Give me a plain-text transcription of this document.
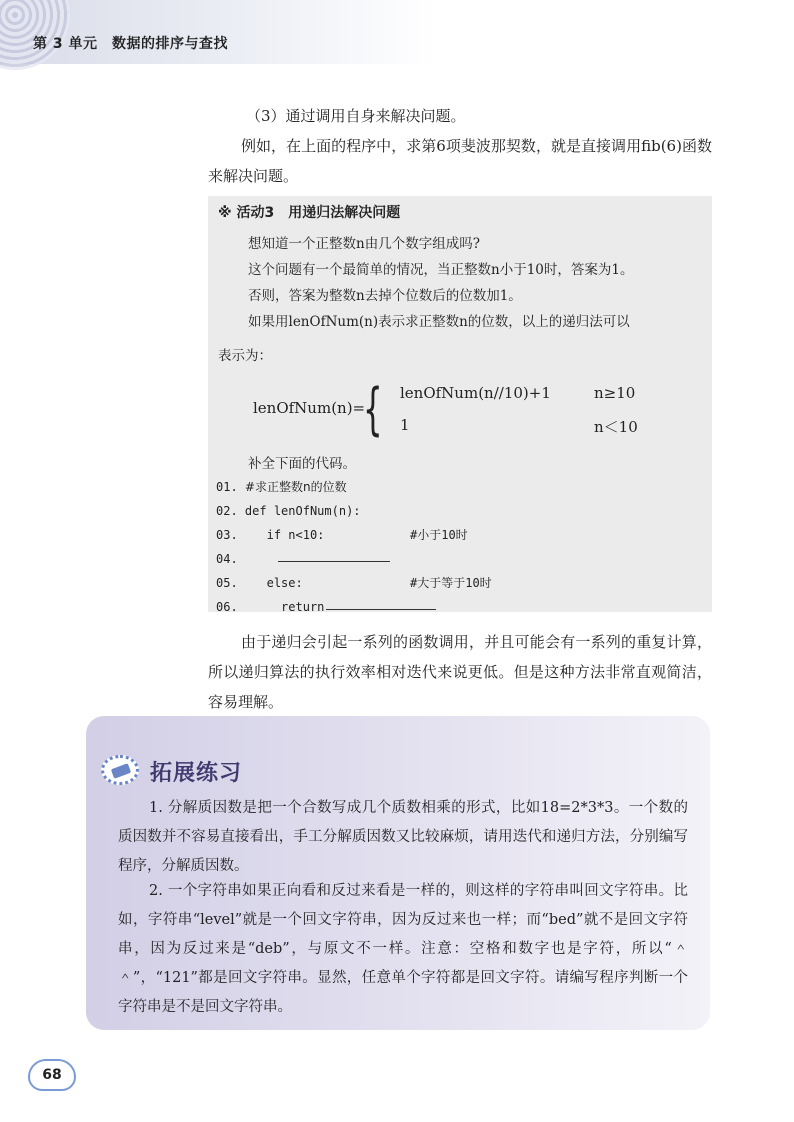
第 3 单元　数据的排序与查找

（3）通过调用自身来解决问题。

例如，在上面的程序中，求第6项斐波那契数，就是直接调用fib(6)函数来解决问题。

※ 活动3　用递归法解决问题
想知道一个正整数n由几个数字组成吗?
这个问题有一个最简单的情况，当正整数n小于10时，答案为1。
否则，答案为整数n去掉个位数后的位数加1。
如果用lenOfNum(n)表示求正整数n的位数，以上的递归法可以
表示为：
lenOfNum(n)=
{ lenOfNum(n//10)+1	n≥10
1	n＜10
补全下面的代码。
01. #求正整数n的位数
02. def lenOfNum(n):
03.    if n<10:	#小于10时
04.
05.    else:	#大于等于10时
06.      return

由于递归会引起一系列的函数调用，并且可能会有一系列的重复计算，所以递归算法的执行效率相对迭代来说更低。但是这种方法非常直观简洁，容易理解。

拓展练习

1. 分解质因数是把一个合数写成几个质数相乘的形式，比如18=2*3*3。一个数的质因数并不容易直接看出，手工分解质因数又比较麻烦，请用迭代和递归方法，分别编写程序，分解质因数。

2. 一个字符串如果正向看和反过来看是一样的，则这样的字符串叫回文字符串。比如，字符串“level”就是一个回文字符串，因为反过来也一样；而“bed”就不是回文字符串，因为反过来是“deb”，与原文不一样。注意：空格和数字也是字符，所以“＾＾”，“121”都是回文字符串。显然，任意单个字符都是回文字符。请编写程序判断一个字符串是不是回文字符串。

68
